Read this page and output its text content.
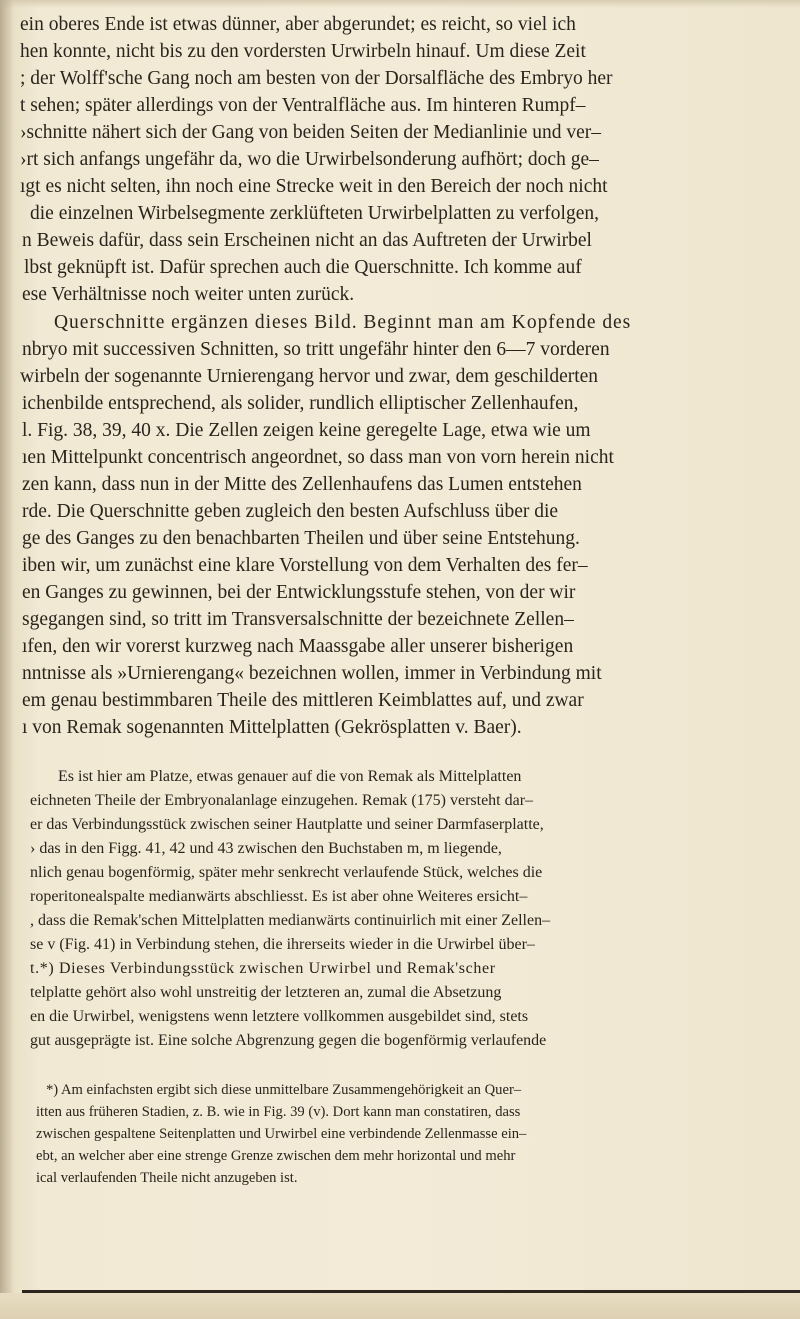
ein oberes Ende ist etwas dünner, aber abgerundet; es reicht, so viel ich
hen konnte, nicht bis zu den vordersten Urwirbeln hinauf. Um diese Zeit
; der Wolff'sche Gang noch am besten von der Dorsalfläche des Embryo her
t sehen; später allerdings von der Ventralfläche aus. Im hinteren Rumpf–
›schnitte nähert sich der Gang von beiden Seiten der Medianlinie und ver–
›rt sich anfangs ungefähr da, wo die Urwirbelsonderung aufhört; doch ge–
ıgt es nicht selten, ihn noch eine Strecke weit in den Bereich der noch nicht
die einzelnen Wirbelsegmente zerklüfteten Urwirbelplatten zu verfolgen,
n Beweis dafür, dass sein Erscheinen nicht an das Auftreten der Urwirbel
lbst geknüpft ist. Dafür sprechen auch die Querschnitte. Ich komme auf
ese Verhältnisse noch weiter unten zurück.
Querschnitte ergänzen dieses Bild. Beginnt man am Kopfende des
nbryo mit successiven Schnitten, so tritt ungefähr hinter den 6—7 vorderen
wirbeln der sogenannte Urnierengang hervor und zwar, dem geschilderten
ichenbilde entsprechend, als solider, rundlich elliptischer Zellenhaufen,
l. Fig. 38, 39, 40 x. Die Zellen zeigen keine geregelte Lage, etwa wie um
ıen Mittelpunkt concentrisch angeordnet, so dass man von vorn herein nicht
zen kann, dass nun in der Mitte des Zellenhaufens das Lumen entstehen
rde. Die Querschnitte geben zugleich den besten Aufschluss über die
ge des Ganges zu den benachbarten Theilen und über seine Entstehung.
iben wir, um zunächst eine klare Vorstellung von dem Verhalten des fer–
en Ganges zu gewinnen, bei der Entwicklungsstufe stehen, von der wir
sgegangen sind, so tritt im Transversalschnitte der bezeichnete Zellen–
ıfen, den wir vorerst kurzweg nach Maassgabe aller unserer bisherigen
nntnisse als »Urnierengang« bezeichnen wollen, immer in Verbindung mit
em genau bestimmbaren Theile des mittleren Keimblattes auf, und zwar
ı von Remak sogenannten Mittelplatten (Gekrösplatten v. Baer).
Es ist hier am Platze, etwas genauer auf die von Remak als Mittelplatten
eichneten Theile der Embryonalanlage einzugehen. Remak (175) versteht dar–
er das Verbindungsstück zwischen seiner Hautplatte und seiner Darmfaserplatte,
› das in den Figg. 41, 42 und 43 zwischen den Buchstaben m, m liegende,
nlich genau bogenförmig, später mehr senkrecht verlaufende Stück, welches die
roperitonealspalte medianwärts abschliesst. Es ist aber ohne Weiteres ersicht–
, dass die Remak'schen Mittelplatten medianwärts continuirlich mit einer Zellen–
se v (Fig. 41) in Verbindung stehen, die ihrerseits wieder in die Urwirbel über–
t.*) Dieses Verbindungsstück zwischen Urwirbel und Remak'scher
telplatte gehört also wohl unstreitig der letzteren an, zumal die Absetzung
en die Urwirbel, wenigstens wenn letztere vollkommen ausgebildet sind, stets
gut ausgeprägte ist. Eine solche Abgrenzung gegen die bogenförmig verlaufende
*) Am einfachsten ergibt sich diese unmittelbare Zusammengehörigkeit an Quer–
itten aus früheren Stadien, z. B. wie in Fig. 39 (v). Dort kann man constatiren, dass
zwischen gespaltene Seitenplatten und Urwirbel eine verbindende Zellenmasse ein–
ebt, an welcher aber eine strenge Grenze zwischen dem mehr horizontal und mehr
ical verlaufenden Theile nicht anzugeben ist.
